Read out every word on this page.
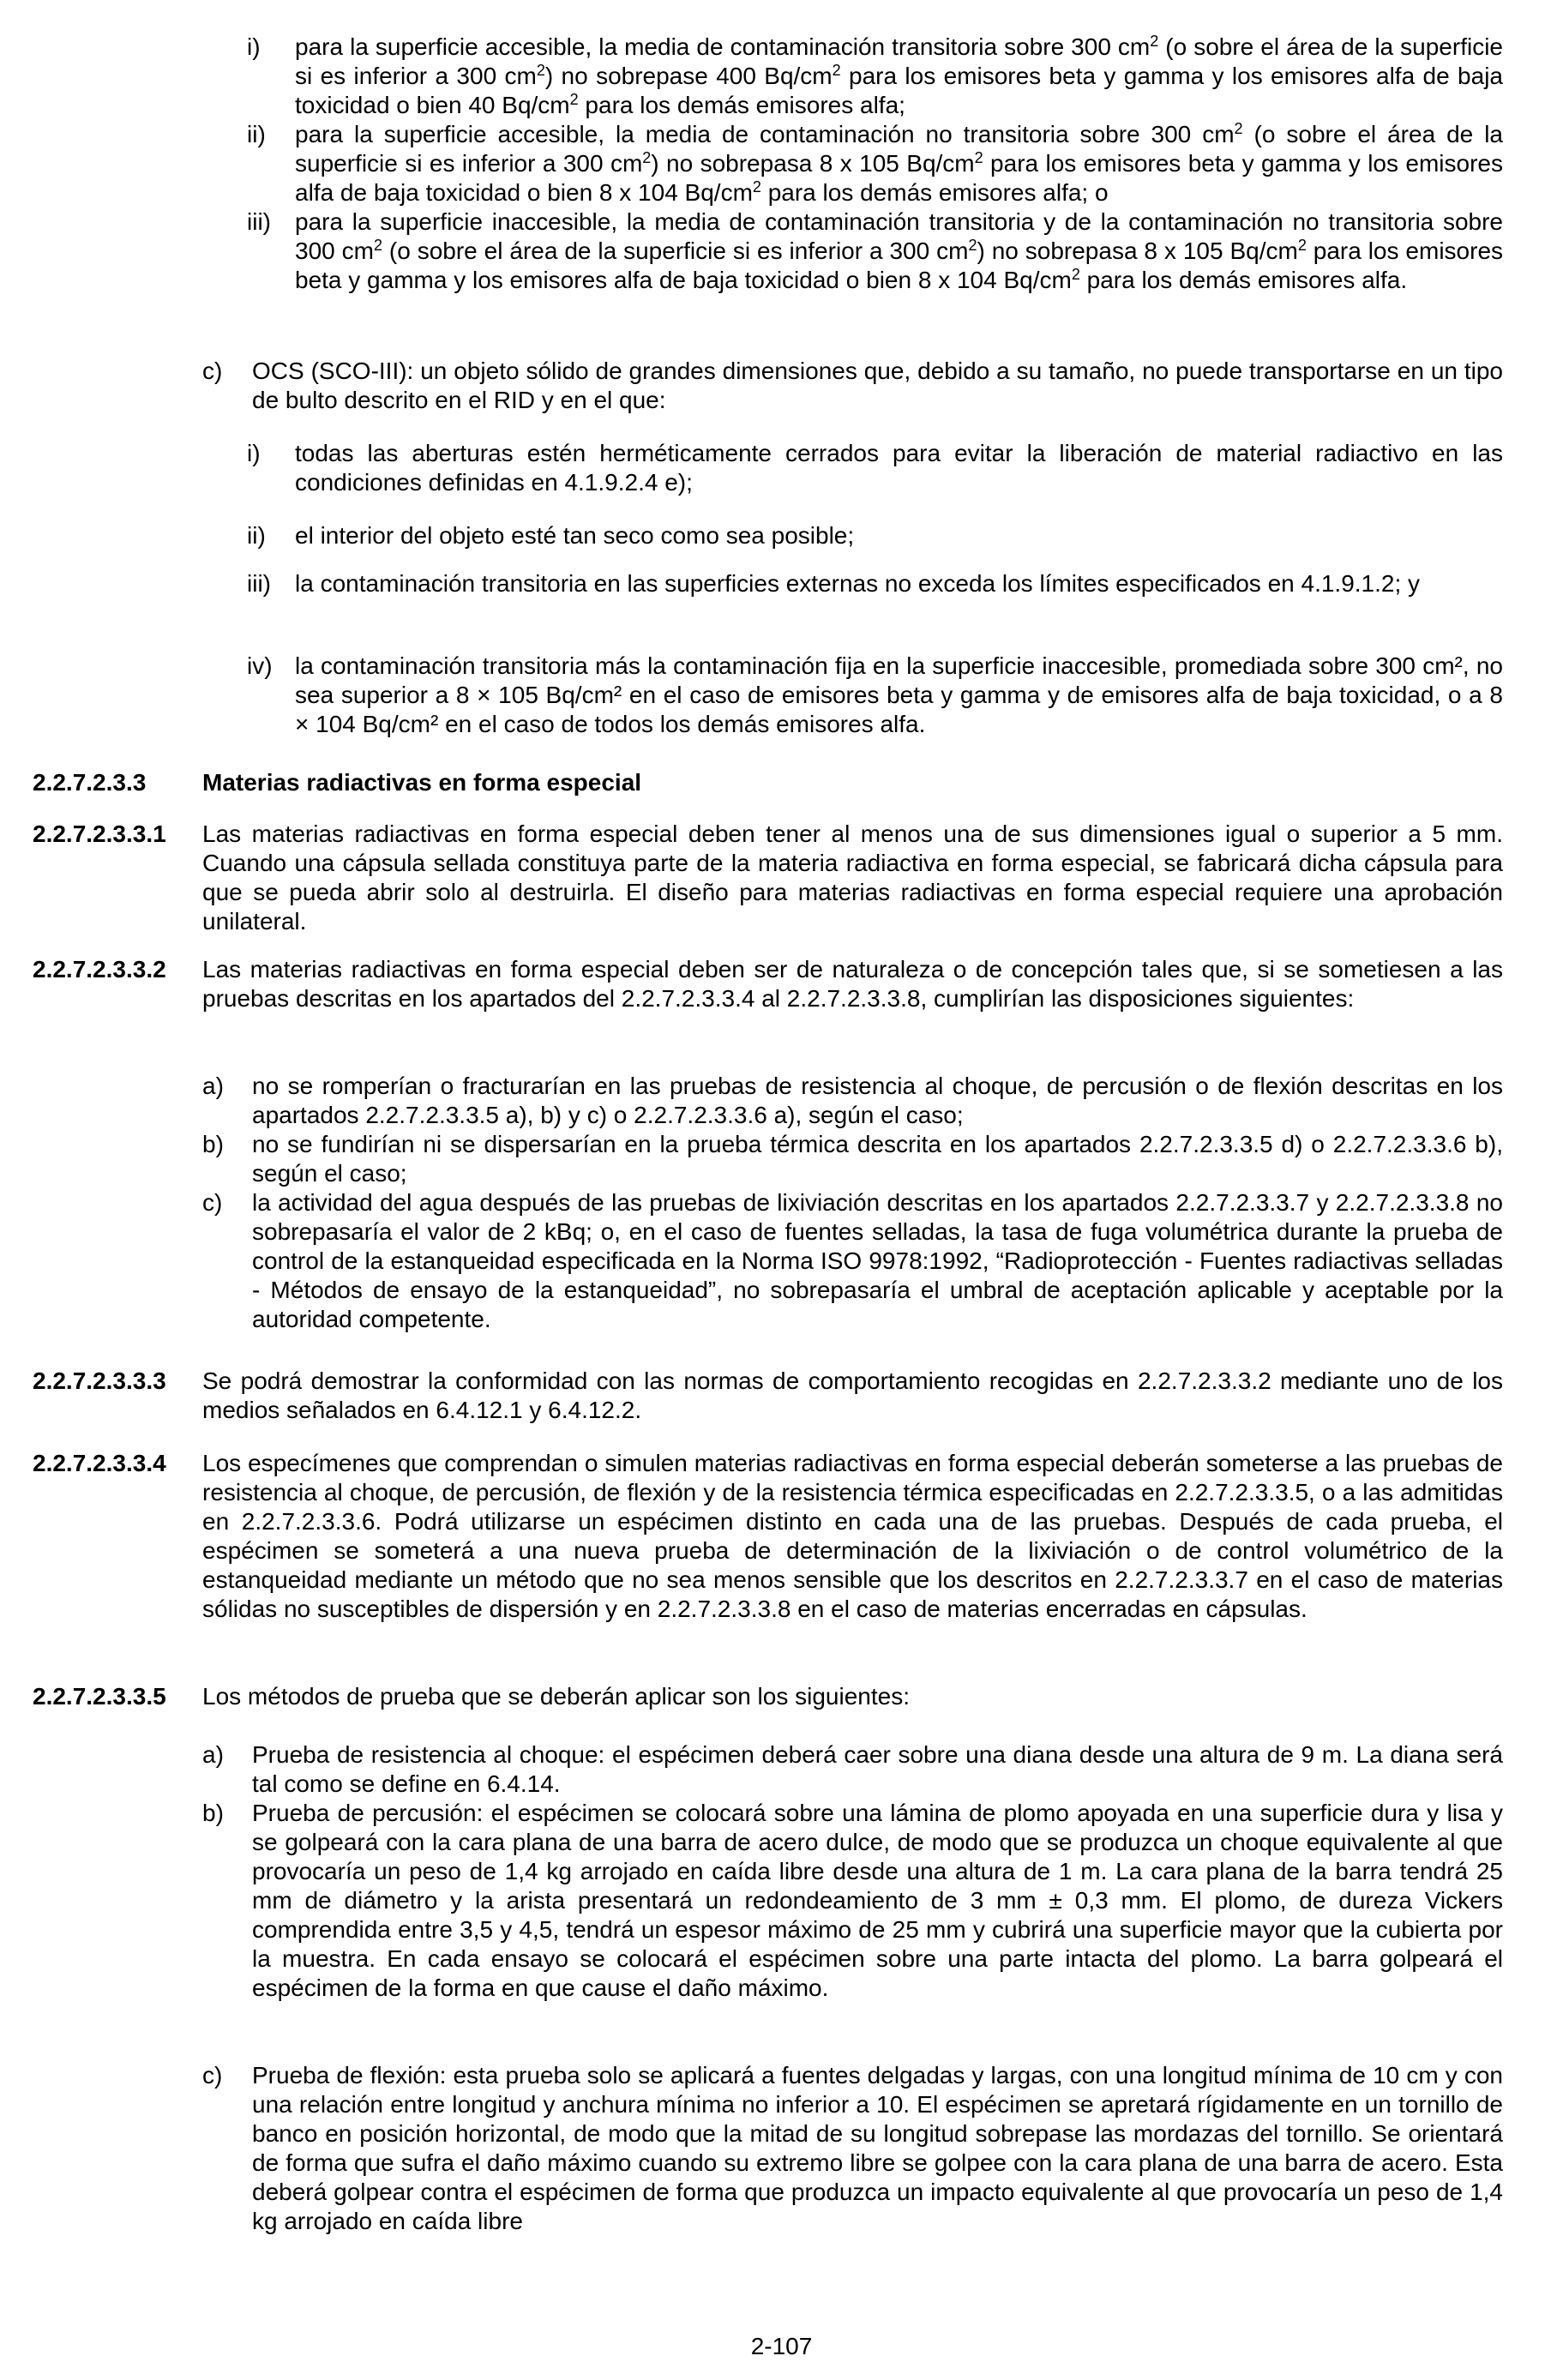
i) para la superficie accesible, la media de contaminación transitoria sobre 300 $cm^2$ (o sobre el área de la superficie si es inferior a 300 $cm^2$) no sobrepase 400 $Bq/cm^2$ para los emisores beta y gamma y los emisores alfa de baja toxicidad o bien 40 $Bq/cm^2$ para los demás emisores alfa;
ii) para la superficie accesible, la media de contaminación no transitoria sobre 300 $cm^2$ (o sobre el área de la superficie si es inferior a 300 $cm^2$) no sobrepasa 8 x 105 $Bq/cm^2$ para los emisores beta y gamma y los emisores alfa de baja toxicidad o bien 8 x 104 $Bq/cm^2$ para los demás emisores alfa; o
iii) para la superficie inaccesible, la media de contaminación transitoria y de la contaminación no transitoria sobre 300 $cm^2$ (o sobre el área de la superficie si es inferior a 300 $cm^2$) no sobrepasa 8 x 105 $Bq/cm^2$ para los emisores beta y gamma y los emisores alfa de baja toxicidad o bien 8 x 104 $Bq/cm^2$ para los demás emisores alfa.
c) OCS (SCO-III): un objeto sólido de grandes dimensiones que, debido a su tamaño, no puede transportarse en un tipo de bulto descrito en el RID y en el que:
i) todas las aberturas estén herméticamente cerrados para evitar la liberación de material radiactivo en las condiciones definidas en 4.1.9.2.4 e);
ii) el interior del objeto esté tan seco como sea posible;
iii) la contaminación transitoria en las superficies externas no exceda los límites especificados en 4.1.9.1.2; y
iv) la contaminación transitoria más la contaminación fija en la superficie inaccesible, promediada sobre 300 cm², no sea superior a 8 × 105 Bq/cm² en el caso de emisores beta y gamma y de emisores alfa de baja toxicidad, o a 8 × 104 Bq/cm² en el caso de todos los demás emisores alfa.
2.2.7.2.3.3 Materias radiactivas en forma especial
2.2.7.2.3.3.1 Las materias radiactivas en forma especial deben tener al menos una de sus dimensiones igual o superior a 5 mm. Cuando una cápsula sellada constituya parte de la materia radiactiva en forma especial, se fabricará dicha cápsula para que se pueda abrir solo al destruirla. El diseño para materias radiactivas en forma especial requiere una aprobación unilateral.
2.2.7.2.3.3.2 Las materias radiactivas en forma especial deben ser de naturaleza o de concepción tales que, si se sometiesen a las pruebas descritas en los apartados del 2.2.7.2.3.3.4 al 2.2.7.2.3.3.8, cumplirían las disposiciones siguientes:
a) no se romperían o fracturarían en las pruebas de resistencia al choque, de percusión o de flexión descritas en los apartados 2.2.7.2.3.3.5 a), b) y c) o 2.2.7.2.3.3.6 a), según el caso;
b) no se fundirían ni se dispersarían en la prueba térmica descrita en los apartados 2.2.7.2.3.3.5 d) o 2.2.7.2.3.3.6 b), según el caso;
c) la actividad del agua después de las pruebas de lixiviación descritas en los apartados 2.2.7.2.3.3.7 y 2.2.7.2.3.3.8 no sobrepasaría el valor de 2 kBq; o, en el caso de fuentes selladas, la tasa de fuga volumétrica durante la prueba de control de la estanqueidad especificada en la Norma ISO 9978:1992, “Radioprotección - Fuentes radiactivas selladas - Métodos de ensayo de la estanqueidad”, no sobrepasaría el umbral de aceptación aplicable y aceptable por la autoridad competente.
2.2.7.2.3.3.3 Se podrá demostrar la conformidad con las normas de comportamiento recogidas en 2.2.7.2.3.3.2 mediante uno de los medios señalados en 6.4.12.1 y 6.4.12.2.
2.2.7.2.3.3.4 Los especímenes que comprendan o simulen materias radiactivas en forma especial deberán someterse a las pruebas de resistencia al choque, de percusión, de flexión y de la resistencia térmica especificadas en 2.2.7.2.3.3.5, o a las admitidas en 2.2.7.2.3.3.6. Podrá utilizarse un espécimen distinto en cada una de las pruebas. Después de cada prueba, el espécimen se someterá a una nueva prueba de determinación de la lixiviación o de control volumétrico de la estanqueidad mediante un método que no sea menos sensible que los descritos en 2.2.7.2.3.3.7 en el caso de materias sólidas no susceptibles de dispersión y en 2.2.7.2.3.3.8 en el caso de materias encerradas en cápsulas.
2.2.7.2.3.3.5 Los métodos de prueba que se deberán aplicar son los siguientes:
a) Prueba de resistencia al choque: el espécimen deberá caer sobre una diana desde una altura de 9 m. La diana será tal como se define en 6.4.14.
b) Prueba de percusión: el espécimen se colocará sobre una lámina de plomo apoyada en una superficie dura y lisa y se golpeará con la cara plana de una barra de acero dulce, de modo que se produzca un choque equivalente al que provocaría un peso de 1,4 kg arrojado en caída libre desde una altura de 1 m. La cara plana de la barra tendrá 25 mm de diámetro y la arista presentará un redondeamiento de 3 mm ± 0,3 mm. El plomo, de dureza Vickers comprendida entre 3,5 y 4,5, tendrá un espesor máximo de 25 mm y cubrirá una superficie mayor que la cubierta por la muestra. En cada ensayo se colocará el espécimen sobre una parte intacta del plomo. La barra golpeará el espécimen de la forma en que cause el daño máximo.
c) Prueba de flexión: esta prueba solo se aplicará a fuentes delgadas y largas, con una longitud mínima de 10 cm y con una relación entre longitud y anchura mínima no inferior a 10. El espécimen se apretará rígidamente en un tornillo de banco en posición horizontal, de modo que la mitad de su longitud sobrepase las mordazas del tornillo. Se orientará de forma que sufra el daño máximo cuando su extremo libre se golpee con la cara plana de una barra de acero. Esta deberá golpear contra el espécimen de forma que produzca un impacto equivalente al que provocaría un peso de 1,4 kg arrojado en caída libre
2-107
